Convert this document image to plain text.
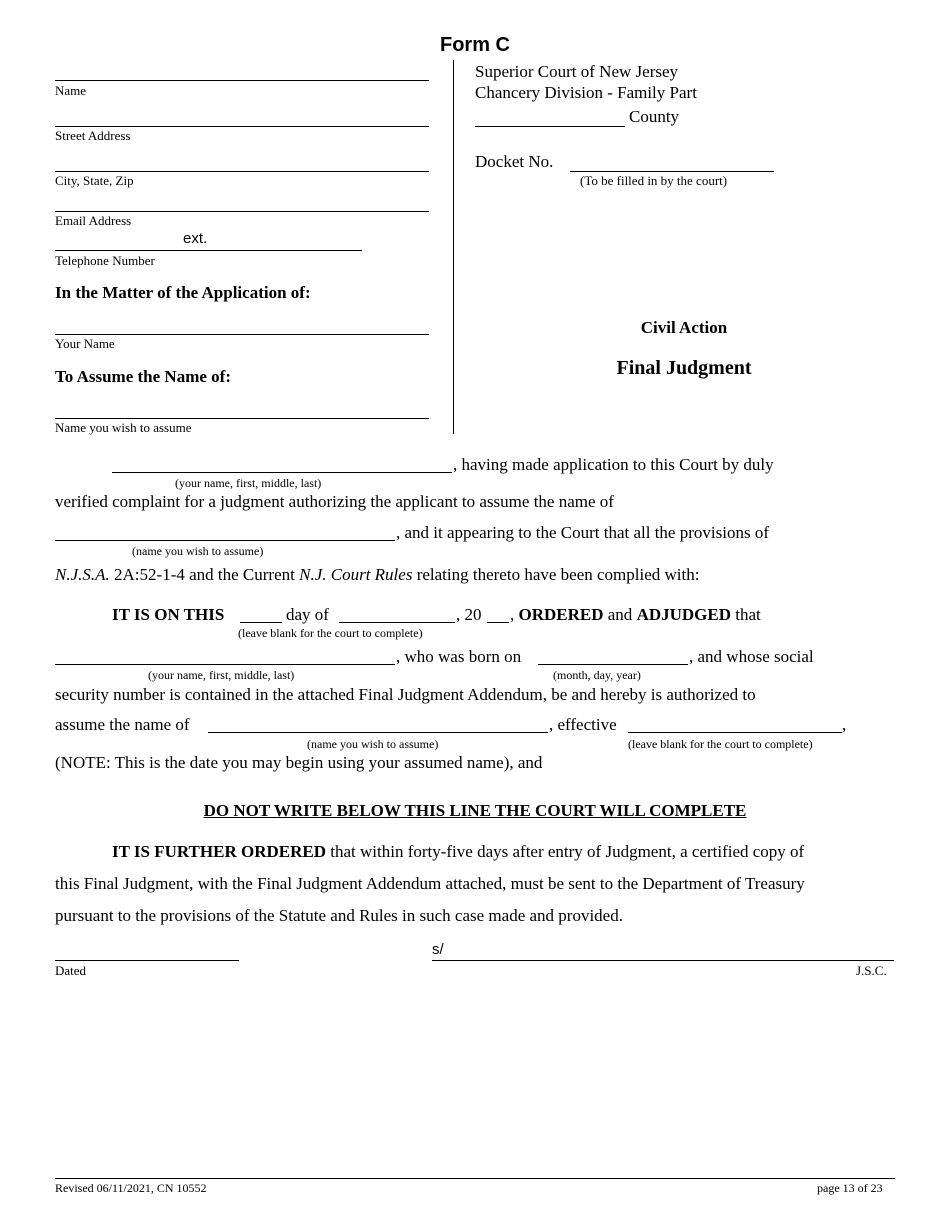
Form C
Name
Street Address
City, State, Zip
Email Address
ext.
Telephone Number
In the Matter of the Application of:
Your Name
To Assume the Name of:
Name you wish to assume
Superior Court of New Jersey
Chancery Division - Family Part
County
Docket No.
(To be filled in by the court)
Civil Action
Final Judgment
, having made application to this Court by duly
(your name, first, middle, last)
verified complaint for a judgment authorizing the applicant to assume the name of
, and it appearing to the Court that all the provisions of
(name you wish to assume)
N.J.S.A. 2A:52-1-4 and the Current N.J. Court Rules relating thereto have been complied with:
IT IS ON THIS	day of	, 20 , ORDERED and ADJUDGED that
(leave blank for the court to complete)
, who was born on	, and whose social
(your name, first, middle, last)	(month, day, year)
security number is contained in the attached Final Judgment Addendum, be and hereby is authorized to
assume the name of	, effective	,
(name you wish to assume)	(leave blank for the court to complete)
(NOTE: This is the date you may begin using your assumed name), and
DO NOT WRITE BELOW THIS LINE THE COURT WILL COMPLETE
IT IS FURTHER ORDERED that within forty-five days after entry of Judgment, a certified copy of
this Final Judgment, with the Final Judgment Addendum attached, must be sent to the Department of Treasury
pursuant to the provisions of the Statute and Rules in such case made and provided.
Dated
s/
J.S.C.
Revised 06/11/2021, CN 10552	page 13 of 23
